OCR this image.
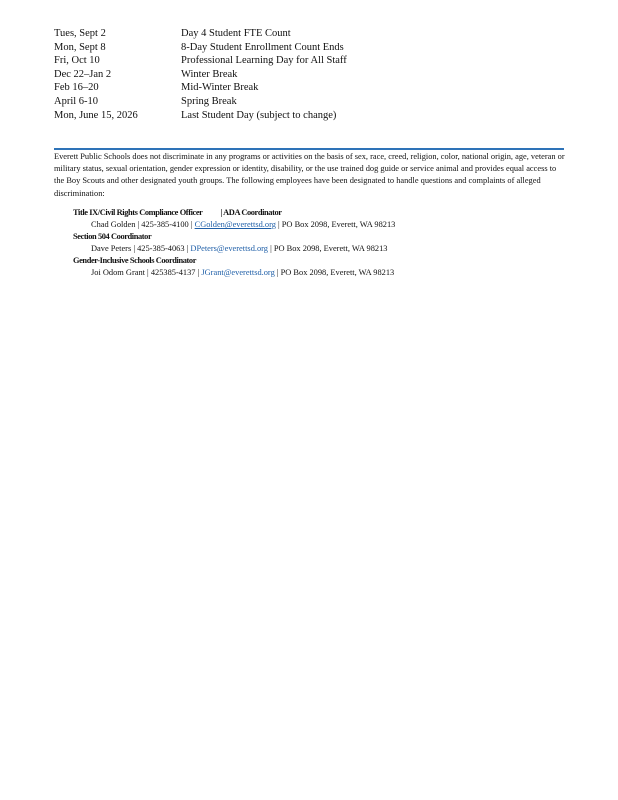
Tues, Sept 2	Day 4 Student FTE Count
Mon, Sept 8	8-Day Student Enrollment Count Ends
Fri, Oct 10	Professional Learning Day for All Staff
Dec 22–Jan 2	Winter Break
Feb 16–20	Mid-Winter Break
April 6-10	Spring Break
Mon, June 15, 2026	Last Student Day (subject to change)
Everett Public Schools does not discriminate in any programs or activities on the basis of sex, race, creed, religion, color, national origin, age, veteran or military status, sexual orientation, gender expression or identity, disability, or the use trained dog guide or service animal and provides equal access to the Boy Scouts and other designated youth groups. The following employees have been designated to handle questions and complaints of alleged discrimination:
Title IX/Civil Rights Compliance Officer | ADA Coordinator
Chad Golden | 425-385-4100 | CGolden@everettsd.org | PO Box 2098, Everett, WA 98213
Section 504 Coordinator
Dave Peters | 425-385-4063 | DPeters@everettsd.org | PO Box 2098, Everett, WA 98213
Gender-Inclusive Schools Coordinator
Joi Odom Grant | 425385-4137 | JGrant@everettsd.org | PO Box 2098, Everett, WA 98213
